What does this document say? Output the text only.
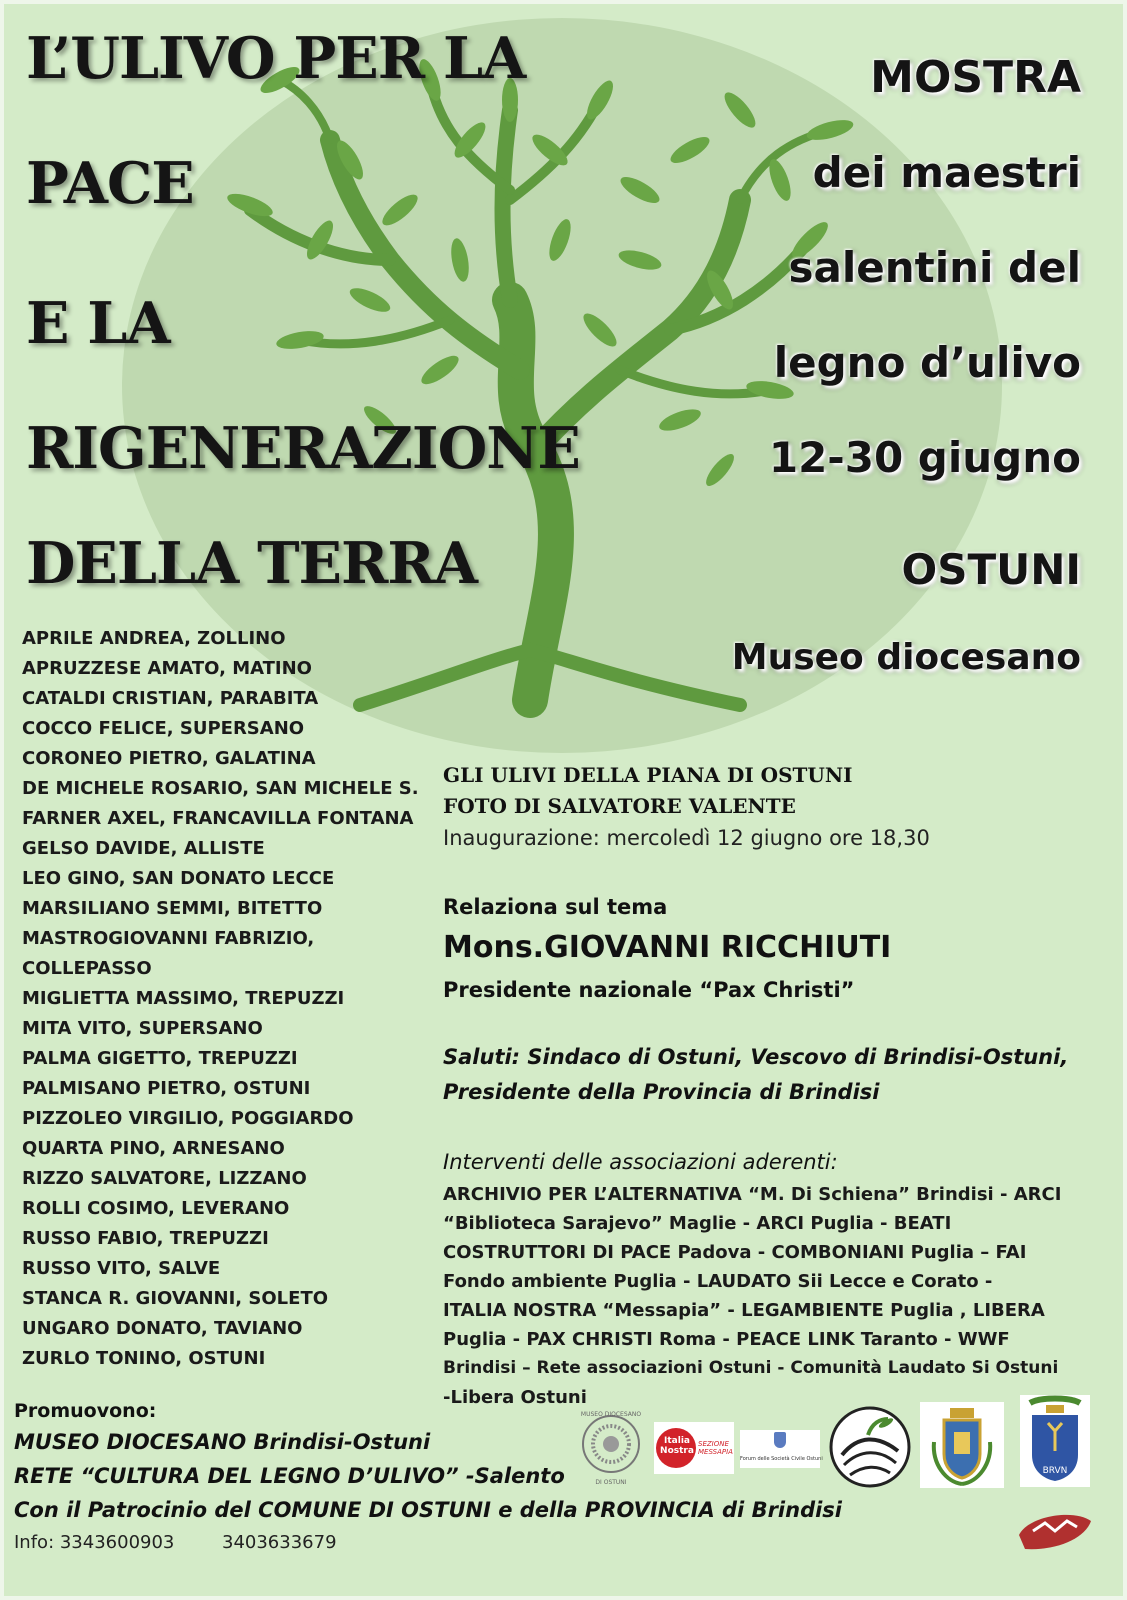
L’ULIVO PER LA
PACE
E LA
RIGENERAZIONE
DELLA TERRA
MOSTRA
dei maestri
salentini del
legno d’ulivo
12-30 giugno
OSTUNI
Museo diocesano
APRILE ANDREA, ZOLLINO
APRUZZESE AMATO, MATINO
CATALDI CRISTIAN, PARABITA
COCCO FELICE, SUPERSANO
CORONEO PIETRO, GALATINA
DE MICHELE ROSARIO, SAN MICHELE S.
FARNER AXEL, FRANCAVILLA FONTANA
GELSO DAVIDE, ALLISTE
LEO GINO, SAN DONATO LECCE
MARSILIANO SEMMI, BITETTO
MASTROGIOVANNI FABRIZIO,
COLLEPASSO
MIGLIETTA MASSIMO, TREPUZZI
MITA VITO, SUPERSANO
PALMA GIGETTO, TREPUZZI
PALMISANO PIETRO, OSTUNI
PIZZOLEO VIRGILIO, POGGIARDO
QUARTA PINO, ARNESANO
RIZZO SALVATORE, LIZZANO
ROLLI COSIMO, LEVERANO
RUSSO FABIO, TREPUZZI
RUSSO VITO, SALVE
STANCA R. GIOVANNI, SOLETO
UNGARO DONATO, TAVIANO
ZURLO TONINO, OSTUNI
GLI ULIVI DELLA PIANA DI OSTUNI
FOTO DI SALVATORE VALENTE
Inaugurazione: mercoledì 12 giugno ore 18,30
Relaziona sul tema
Mons.GIOVANNI RICCHIUTI
Presidente nazionale “Pax Christi”
Saluti: Sindaco di Ostuni, Vescovo di Brindisi-Ostuni,
Presidente della Provincia di Brindisi
Interventi delle associazioni aderenti:
ARCHIVIO PER L’ALTERNATIVA “M. Di Schiena” Brindisi - ARCI
“Biblioteca Sarajevo” Maglie - ARCI Puglia - BEATI
COSTRUTTORI DI PACE Padova - COMBONIANI Puglia – FAI
Fondo ambiente Puglia - LAUDATO Sii Lecce e Corato -
ITALIA NOSTRA “Messapia” - LEGAMBIENTE Puglia , LIBERA
Puglia - PAX CHRISTI Roma - PEACE LINK Taranto - WWF
Brindisi – Rete associazioni Ostuni - Comunità Laudato Si Ostuni
-Libera Ostuni
Promuovono:
MUSEO DIOCESANO Brindisi-Ostuni
RETE “CULTURA DEL LEGNO D’ULIVO” -Salento
Con il Patrocinio del COMUNE DI OSTUNI e della PROVINCIA di Brindisi
Info: 3343600903	3403633679
MUSEO DIOCESANO
DI OSTUNI
Italia Nostra
SEZIONE MESSAPIA
Forum delle Società Civile Ostuni
BRVN
